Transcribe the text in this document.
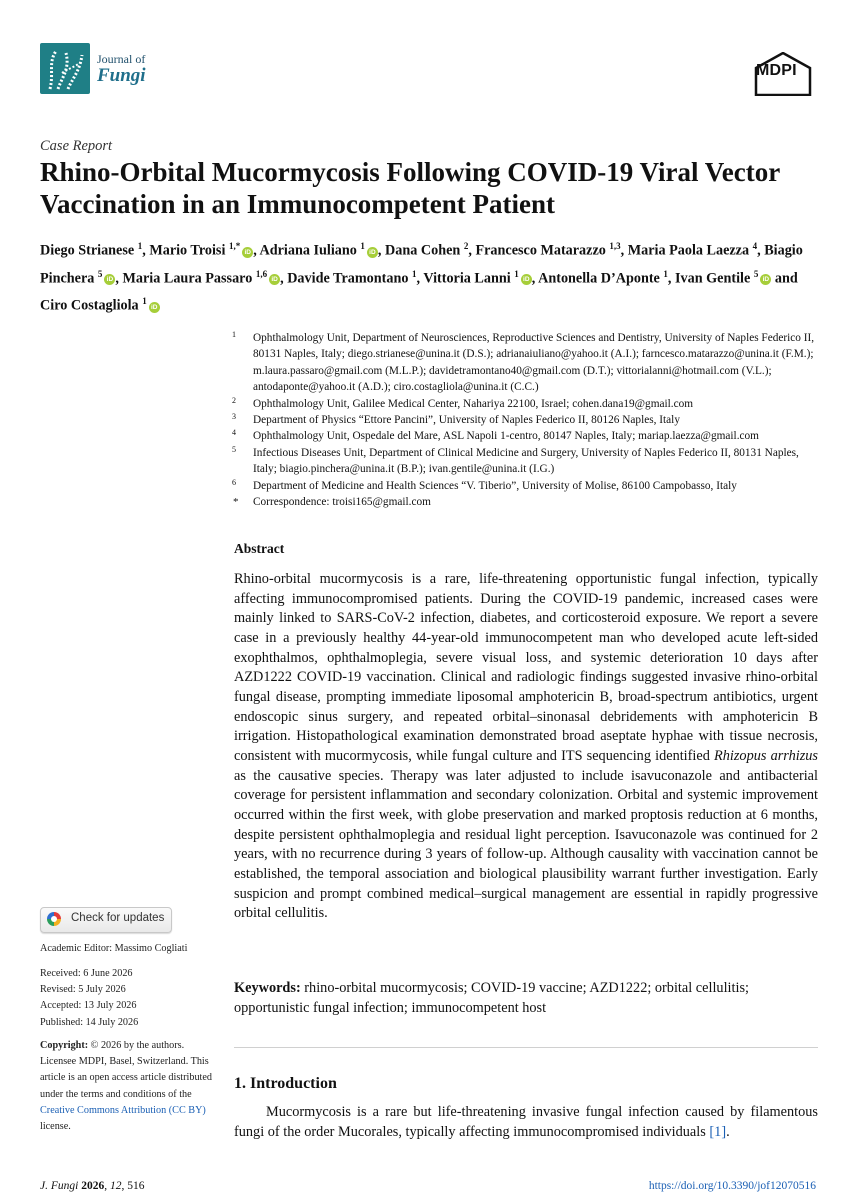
Journal of
Fungi	MDPI
Case Report
Rhino-Orbital Mucormycosis Following COVID-19 Viral Vector Vaccination in an Immunocompetent Patient
Diego Strianese $^1$, Mario Troisi $^{1,*}$iD , Adriana Iuliano $^1$iD , Dana Cohen $^2$, Francesco Matarazzo $^{1,3}$, Maria Paola Laezza $^4$, Biagio Pinchera $^5$iD , Maria Laura Passaro $^{1,6}$iD , Davide Tramontano $^1$, Vittoria Lanni $^1$iD , Antonella D’Aponte $^1$, Ivan Gentile $^5$iD and Ciro Costagliola $^1$iD

1 Ophthalmology Unit, Department of Neurosciences, Reproductive Sciences and Dentistry, University of Naples Federico II, 80131 Naples, Italy; diego.strianese@unina.it (D.S.); adrianaiuliano@yahoo.it (A.I.); farncesco.matarazzo@unina.it (F.M.); m.laura.passaro@gmail.com (M.L.P.); davidetramontano40@gmail.com (D.T.); vittorialanni@hotmail.com (V.L.); antodaponte@yahoo.it (A.D.); ciro.costagliola@unina.it (C.C.)

2 Ophthalmology Unit, Galilee Medical Center, Nahariya 22100, Israel; cohen.dana19@gmail.com

3 Department of Physics “Ettore Pancini”, University of Naples Federico II, 80126 Naples, Italy

4 Ophthalmology Unit, Ospedale del Mare, ASL Napoli 1-centro, 80147 Naples, Italy; mariap.laezza@gmail.com

5 Infectious Diseases Unit, Department of Clinical Medicine and Surgery, University of Naples Federico II, 80131 Naples, Italy; biagio.pinchera@unina.it (B.P.); ivan.gentile@unina.it (I.G.)

6 Department of Medicine and Health Sciences “V. Tiberio”, University of Molise, 86100 Campobasso, Italy

* Correspondence: troisi165@gmail.com

Abstract
Rhino-orbital mucormycosis is a rare, life-threatening opportunistic fungal infection, typically affecting immunocompromised patients. During the COVID-19 pandemic, increased cases were mainly linked to SARS-CoV-2 infection, diabetes, and corticosteroid exposure. We report a severe case in a previously healthy 44-year-old immunocompetent man who developed acute left-sided exophthalmos, ophthalmoplegia, severe visual loss, and systemic deterioration 10 days after AZD1222 COVID-19 vaccination. Clinical and radiologic findings suggested invasive rhino-orbital fungal disease, prompting immediate liposomal amphotericin B, broad-spectrum antibiotics, urgent endoscopic sinus surgery, and repeated orbital–sinonasal debridements with amphotericin B irrigation. Histopathological examination demonstrated broad aseptate hyphae with tissue necrosis, consistent with mucormycosis, while fungal culture and ITS sequencing identified Rhizopus arrhizus as the causative species. Therapy was later adjusted to include isavuconazole and antibacterial coverage for persistent inflammation and secondary colonization. Orbital and systemic improvement occurred within the first week, with globe preservation and marked proptosis reduction at 6 months, despite persistent ophthalmoplegia and residual light perception. Isavuconazole was continued for 2 years, with no recurrence during 3 years of follow-up. Although causality with vaccination cannot be established, the temporal association and biological plausibility warrant further investigation. Early suspicion and prompt combined medical–surgical management are essential in rapidly progressive orbital cellulitis.
Keywords: rhino-orbital mucormycosis; COVID-19 vaccine; AZD1222; orbital cellulitis; opportunistic fungal infection; immunocompetent host
Check for updates
Academic Editor: Massimo Cogliati
Received: 6 June 2026
Revised: 5 July 2026
Accepted: 13 July 2026
Published: 14 July 2026
Copyright: © 2026 by the authors. Licensee MDPI, Basel, Switzerland. This article is an open access article distributed under the terms and conditions of the Creative Commons Attribution (CC BY) license.
1. Introduction
Mucormycosis is a rare but life-threatening invasive fungal infection caused by filamentous fungi of the order Mucorales, typically affecting immunocompromised individuals [1].
J. Fungi 2026, 12, 516	https://doi.org/10.3390/jof12070516
